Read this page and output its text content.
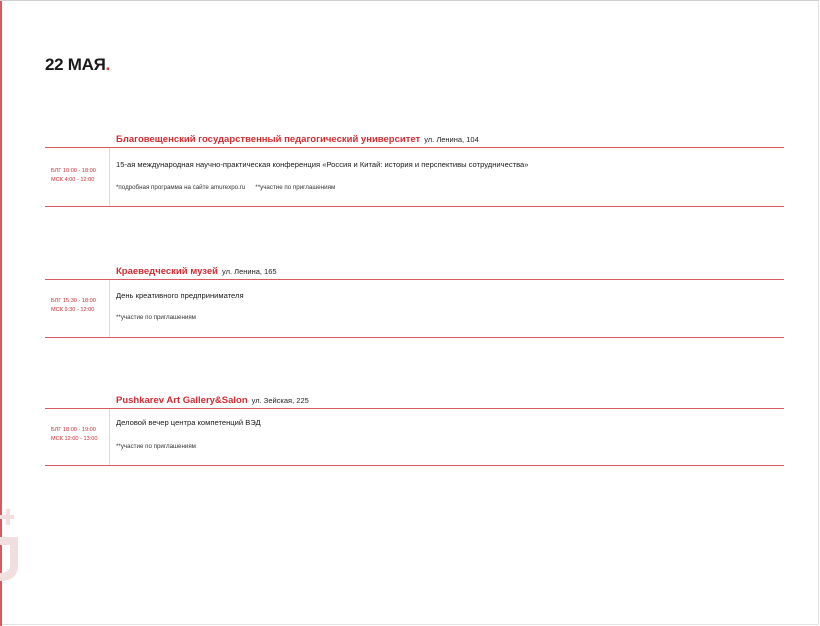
22 МАЯ.
Благовещенский государственный педагогический университет ул. Ленина, 104
БЛГ 10:00 - 18:00
МСК 4:00 - 12:00
15-ая международная научно-практическая конференция «Россия и Китай: история и перспективы сотрудничества»
*подробная программа на сайте amurexpo.ru **участие по приглашениям
Краеведческий музей ул. Ленина, 165
БЛГ 15:30 - 18:00
МСК 9:30 - 12:00
День креативного предпринимателя
**участие по приглашениям
Pushkarev Art Gallery&Salon ул. Зейская, 225
БЛГ 18:00 - 19:00
МСК 12:00 - 13:00
Деловой вечер центра компетенций ВЭД
**участие по приглашениям
